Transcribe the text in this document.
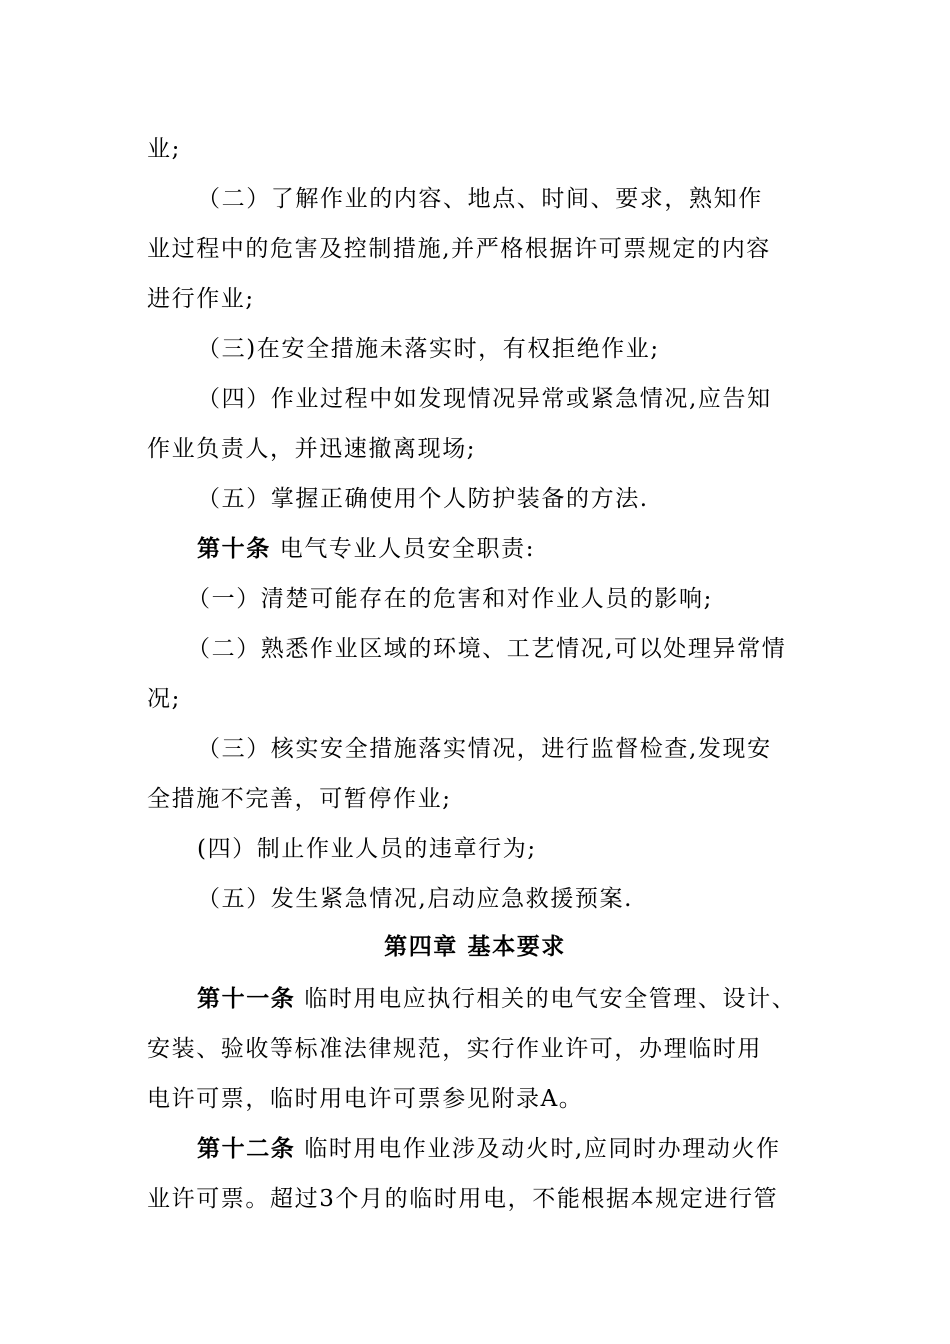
业;
（二）了解作业的内容、地点、时间、要求，熟知作
业过程中的危害及控制措施,并严格根据许可票规定的内容
进行作业;
（三)在安全措施未落实时，有权拒绝作业;
（四）作业过程中如发现情况异常或紧急情况,应告知
作业负责人，并迅速撤离现场;
（五）掌握正确使用个人防护装备的方法.
第十条 电气专业人员安全职责:
（一）清楚可能存在的危害和对作业人员的影响;
（二）熟悉作业区域的环境、工艺情况,可以处理异常情
况;
（三）核实安全措施落实情况，进行监督检查,发现安
全措施不完善，可暂停作业;
(四）制止作业人员的违章行为;
（五）发生紧急情况,启动应急救援预案.
第四章 基本要求
第十一条 临时用电应执行相关的电气安全管理、设计、
安装、验收等标准法律规范，实行作业许可，办理临时用
电许可票，临时用电许可票参见附录A。
第十二条 临时用电作业涉及动火时,应同时办理动火作
业许可票。超过3个月的临时用电，不能根据本规定进行管
